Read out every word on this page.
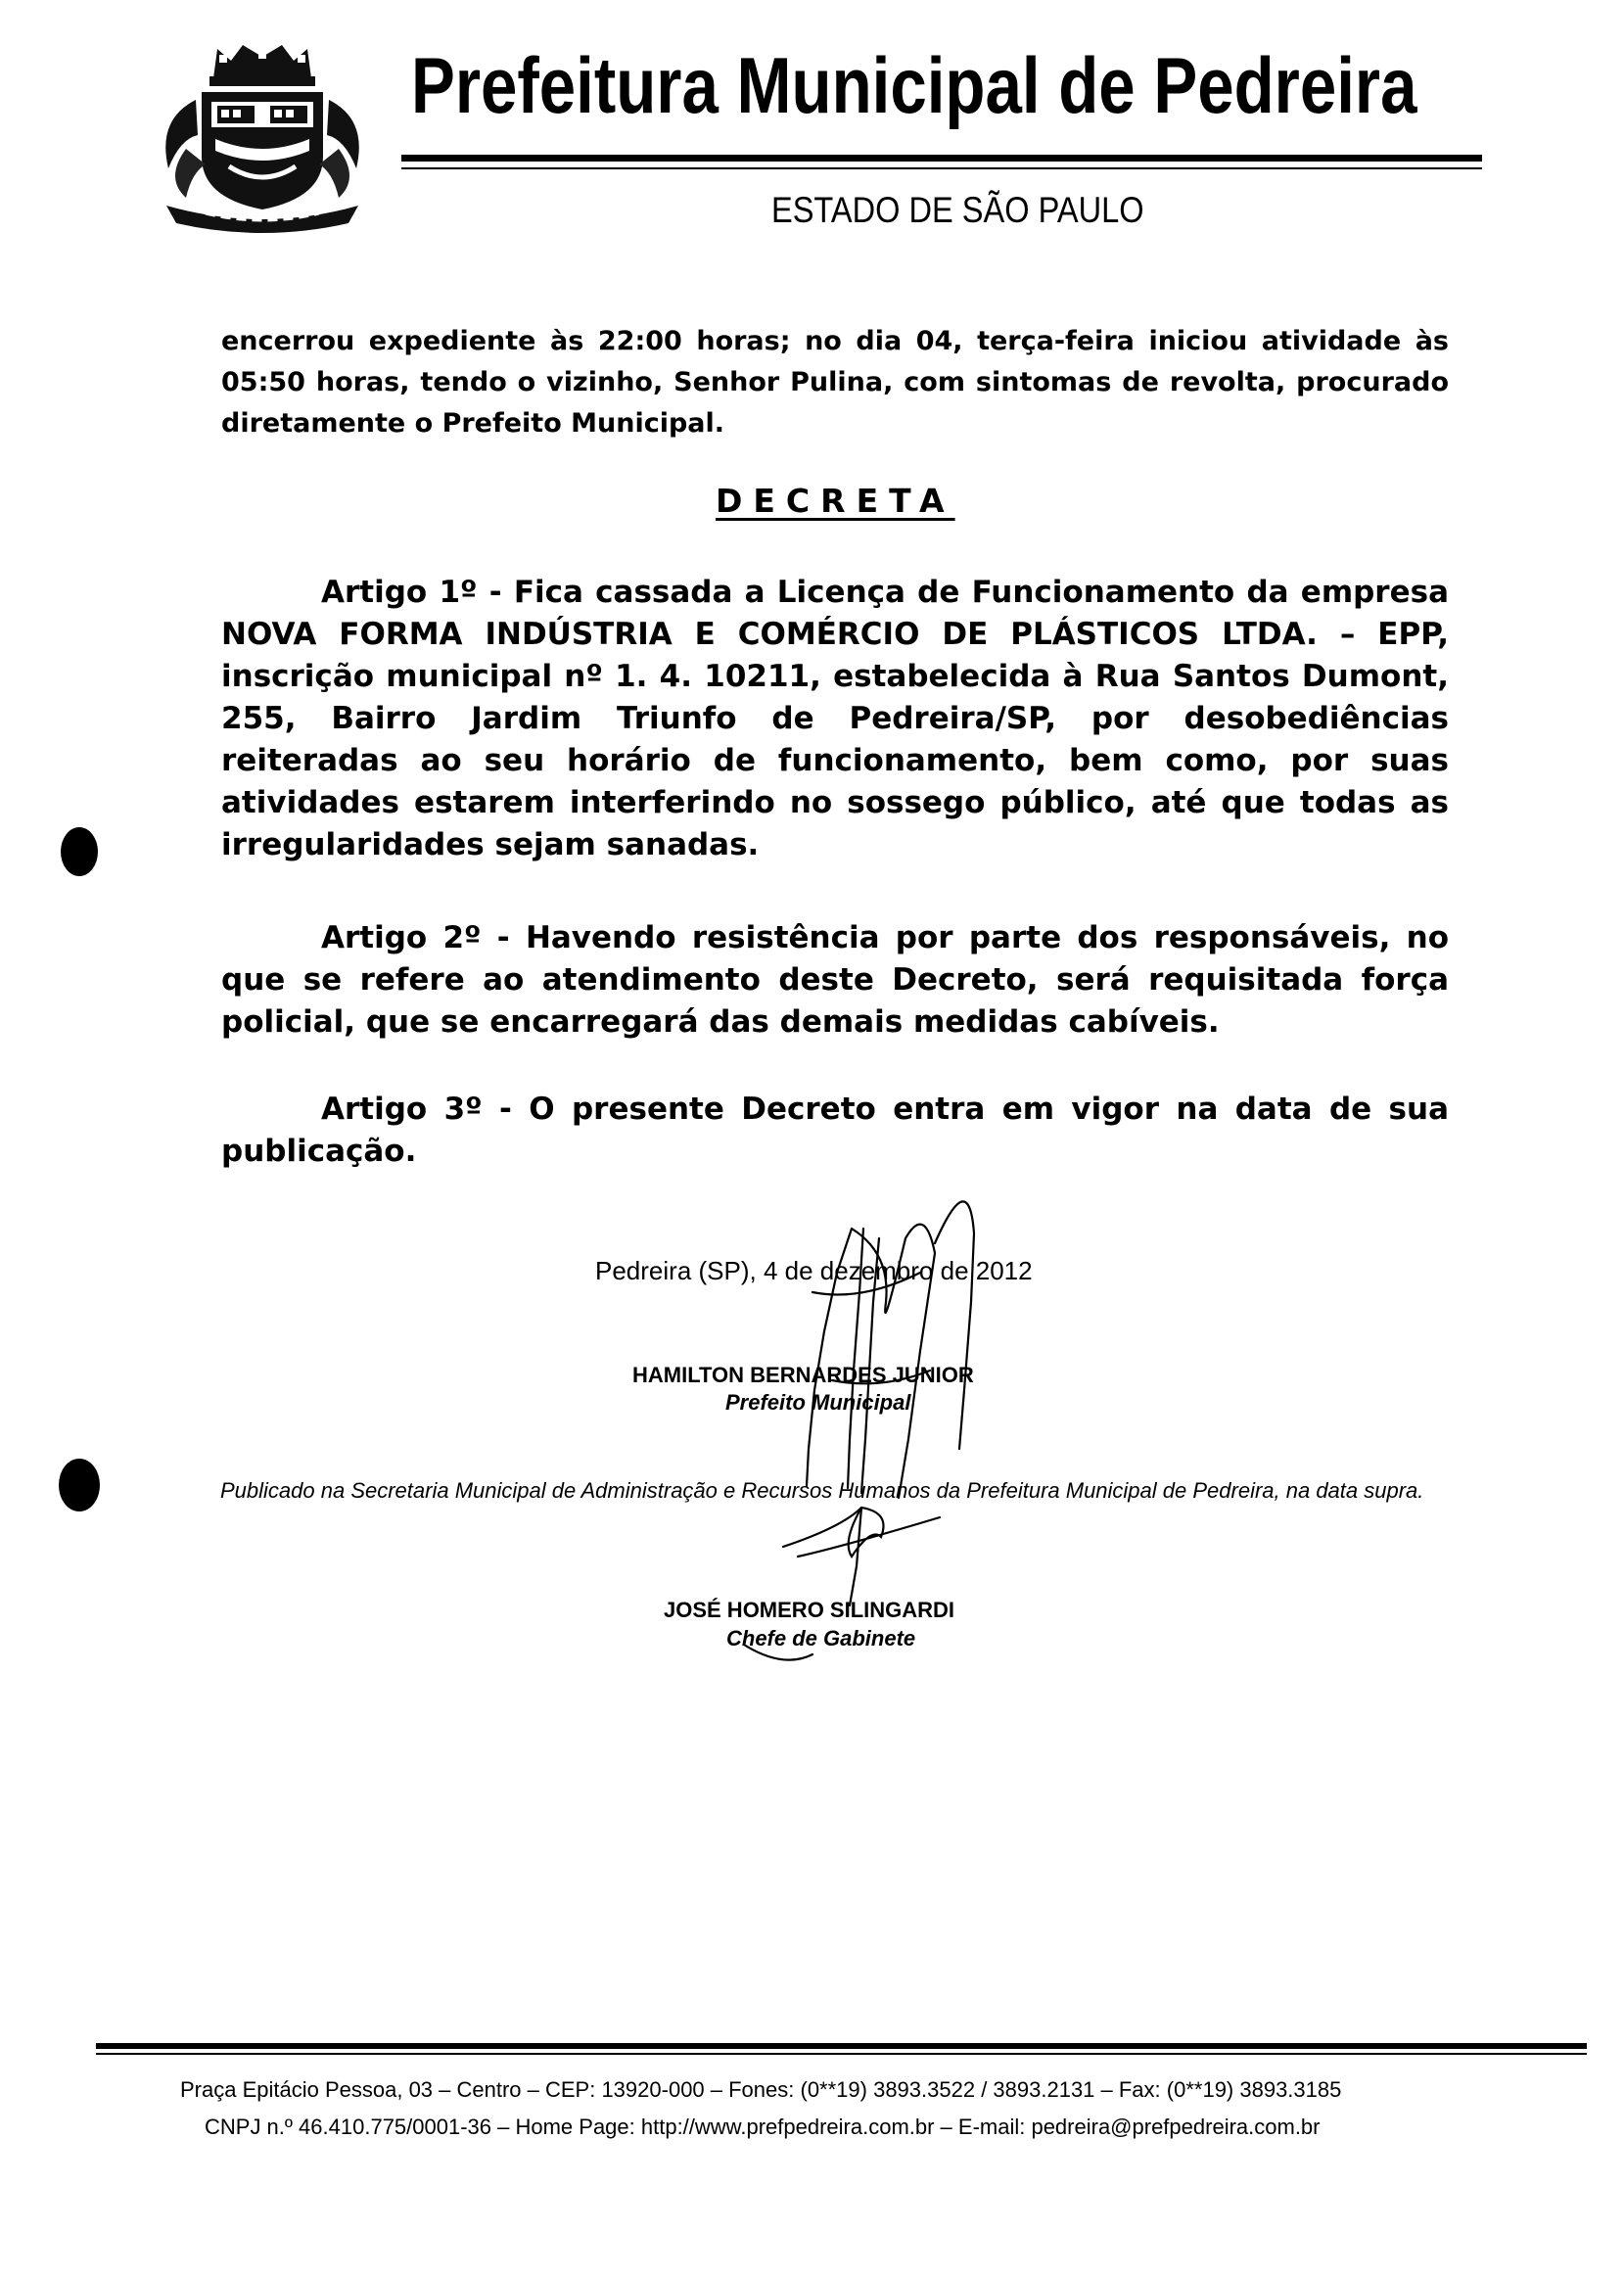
Prefeitura Municipal de Pedreira
ESTADO DE SÃO PAULO
encerrou expediente às 22:00 horas; no dia 04, terça-feira iniciou atividade às 05:50 horas, tendo o vizinho, Senhor Pulina, com sintomas de revolta, procurado diretamente o Prefeito Municipal.
DECRETA
Artigo 1º - Fica cassada a Licença de Funcionamento da empresa NOVA FORMA INDÚSTRIA E COMÉRCIO DE PLÁSTICOS LTDA. – EPP, inscrição municipal nº 1. 4. 10211, estabelecida à Rua Santos Dumont, 255, Bairro Jardim Triunfo de Pedreira/SP, por desobediências reiteradas ao seu horário de funcionamento, bem como, por suas atividades estarem interferindo no sossego público, até que todas as irregularidades sejam sanadas.
Artigo 2º - Havendo resistência por parte dos responsáveis, no que se refere ao atendimento deste Decreto, será requisitada força policial, que se encarregará das demais medidas cabíveis.
Artigo 3º - O presente Decreto entra em vigor na data de sua publicação.
Pedreira (SP), 4 de dezembro de 2012
HAMILTON BERNARDES JUNIOR
Prefeito Municipal
Publicado na Secretaria Municipal de Administração e Recursos Humanos da Prefeitura Municipal de Pedreira, na data supra.
JOSÉ HOMERO SILINGARDI
Chefe de Gabinete
Praça Epitácio Pessoa, 03 – Centro – CEP: 13920-000 – Fones: (0**19) 3893.3522 / 3893.2131 – Fax: (0**19) 3893.3185
CNPJ n.º 46.410.775/0001-36 – Home Page: http://www.prefpedreira.com.br – E-mail: pedreira@prefpedreira.com.br
